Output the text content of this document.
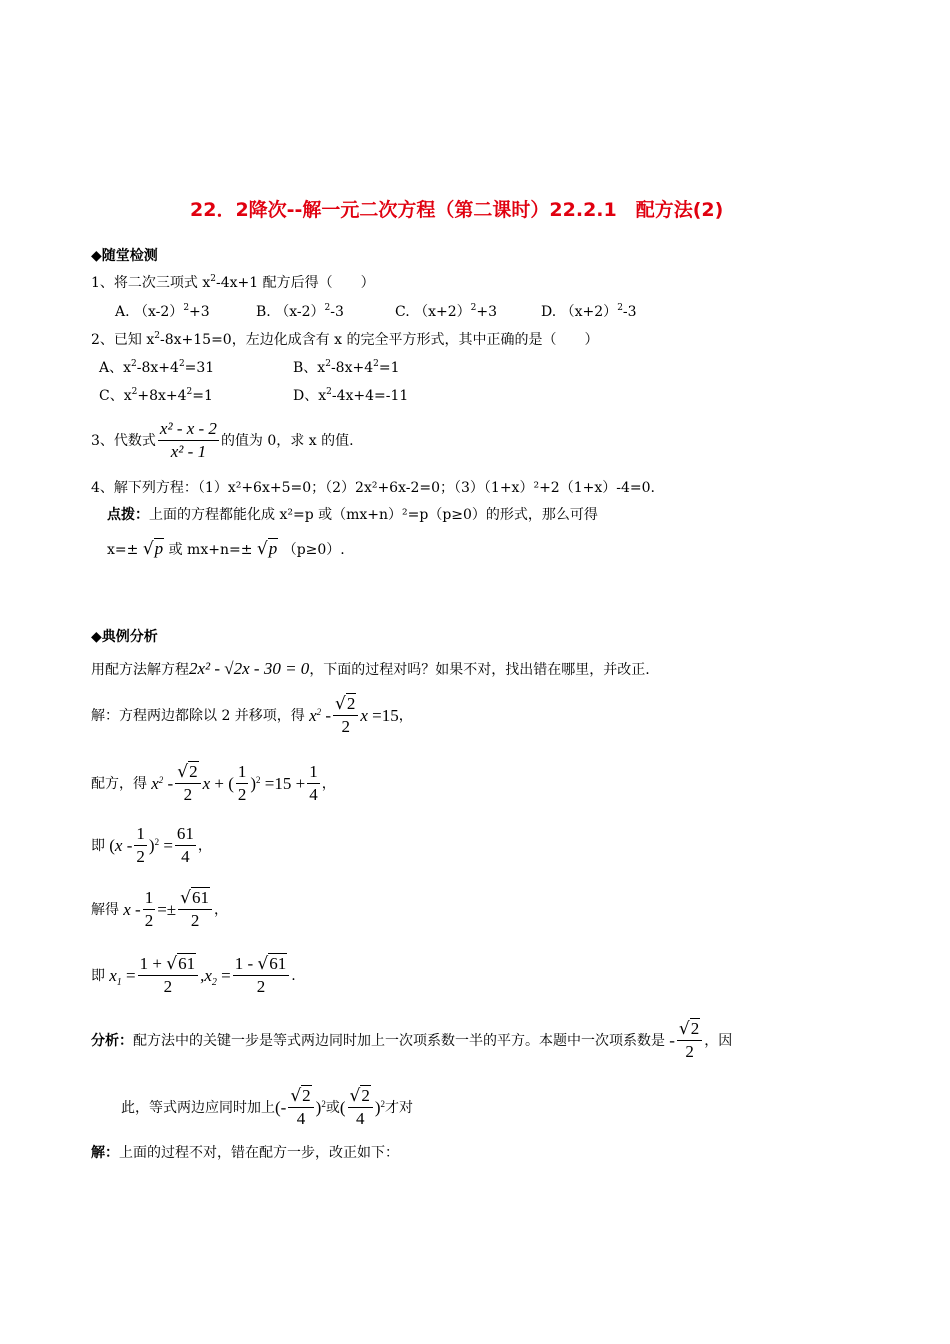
22．2降次--解一元二次方程（第二课时）22.2.1　配方法(2)
◆随堂检测
1、将二次三项式 $x^2-4x+1$ 配方后得（　　）
A. $(x-2)^2+3$	B. $(x-2)^2-3$	C. $(x+2)^2+3$	D. $(x+2)^2-3$
2、已知 $x^2-8x+15=0$，左边化成含有 x 的完全平方形式，其中正确的是（　　）
A、$x^2-8x+4^2=31$	B、$x^2-8x+4^2=1$
C、$x^2+8x+4^2=1$	D、$x^2-4x+4=-11$
3、代数式 $\frac{\text{x² - x - 2}}{\text{x² - 1}}$ 的值为 0，求 x 的值.
4、解下列方程：（1）x²+6x+5=0；（2）2x²+6x-2=0；（3）（1+x）²+2（1+x）-4=0.
点拨：上面的方程都能化成 x²=p 或（mx+n）²=p（p≥0）的形式，那么可得
x=± √p 或 mx+n=± √p （p≥0）.
◆典例分析
用配方法解方程2x² - √2x - 30 = 0，下面的过程对吗？如果不对，找出错在哪里，并改正.
解：方程两边都除以 2 并移项，得 $x^2 - \frac{√2}{2}$ x =15 ，
配方，得 $x^2 - \frac{√2}{2}$ x + ( $\frac{1}{2} )^2 =15 + \frac{1}{4}$ ，
即 $(x - \frac{1}{2} )^2 = \frac{61}{4}$ ，
解得 $x - \frac{1}{2} =\pm \frac{√61}{2}$ ，
即 $x_1 = \frac{1 + √61}{2}$ , $x_2 = \frac{1 - √61}{2}$ .
分析： 配方法中的关键一步是等式两边同时加上一次项系数一半的平方。本题中一次项系数是 - $\frac{√2}{2}$ ，因
此，等式两边应同时加上 (- $\frac{√2}{4} )^2$ 或 ( $\frac{√2}{4} )^2$ 才对
解：上面的过程不对，错在配方一步，改正如下：
